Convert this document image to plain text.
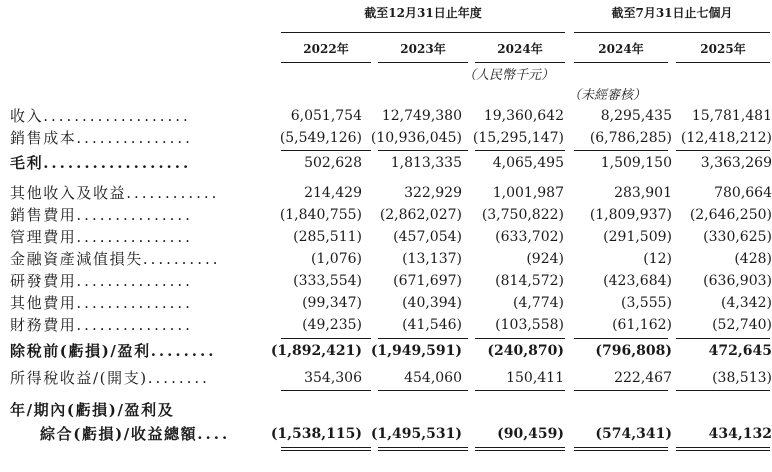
截至12月31日止年度	截至7月31日止七個月
2022年	2023年	2024年	2024年	2025年
（人民幣千元）
（未經審核）
收入...................	6,051,754 12,749,380 19,360,642	8,295,435	15,781,481
銷售成本...............	(5,549,126) (10,936,045) (15,295,147) (6,786,285) (12,418,212)
毛利..................	502,628 1,813,335 4,065,495	1,509,150	3,363,269
其他收入及收益............	214,429	322,929 1,001,987	283,901	780,664
銷售費用...............	(1,840,755) (2,862,027) (3,750,822) (1,809,937)	(2,646,250)
管理費用...............	(285,511) (457,054) (633,702)	(291,509)	(330,625)
金融資產減值損失..........	(1,076)	(13,137)	(924)	(12)	(428)
研發費用...............	(333,554) (671,697) (814,572)	(423,684)	(636,903)
其他費用...............	(99,347)	(40,394)	(4,774)	(3,555)	(4,342)
財務費用...............	(49,235)	(41,546) (103,558)	(61,162)	(52,740)
除稅前(虧損)/盈利........	(1,892,421) (1,949,591) (240,870) (796,808)	472,645
所得稅收益/(開支)........	354,306	454,060	150,411	222,467	(38,513)
年/期內(虧損)/盈利及
綜合(虧損)/收益總額....	(1,538,115) (1,495,531)	(90,459) (574,341)	434,132
